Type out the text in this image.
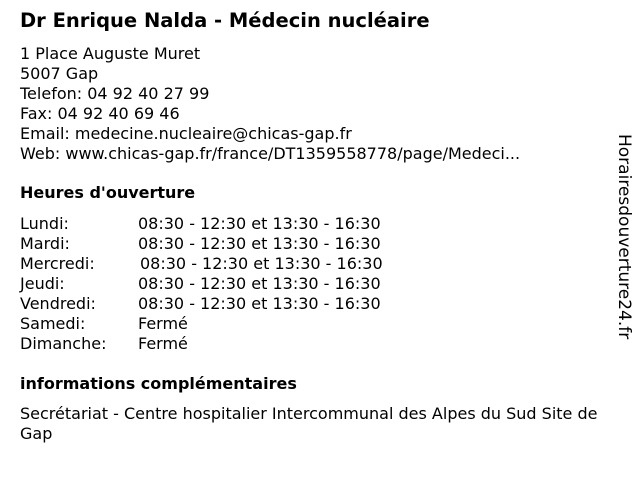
Dr Enrique Nalda - Médecin nucléaire
1 Place Auguste Muret
5007 Gap
Telefon: 04 92 40 27 99
Fax: 04 92 40 69 46
Email: medecine.nucleaire@chicas-gap.fr
Web: www.chicas-gap.fr/france/DT1359558778/page/Medeci...
Heures d'ouverture
Lundi:	08:30 - 12:30 et 13:30 - 16:30
Mardi:	08:30 - 12:30 et 13:30 - 16:30
Mercredi:	08:30 - 12:30 et 13:30 - 16:30
Jeudi:	08:30 - 12:30 et 13:30 - 16:30
Vendredi:	08:30 - 12:30 et 13:30 - 16:30
Samedi:	Fermé
Dimanche: Fermé
informations complémentaires
Secrétariat - Centre hospitalier Intercommunal des Alpes du Sud Site de Gap
Horairesdouverture24.fr
